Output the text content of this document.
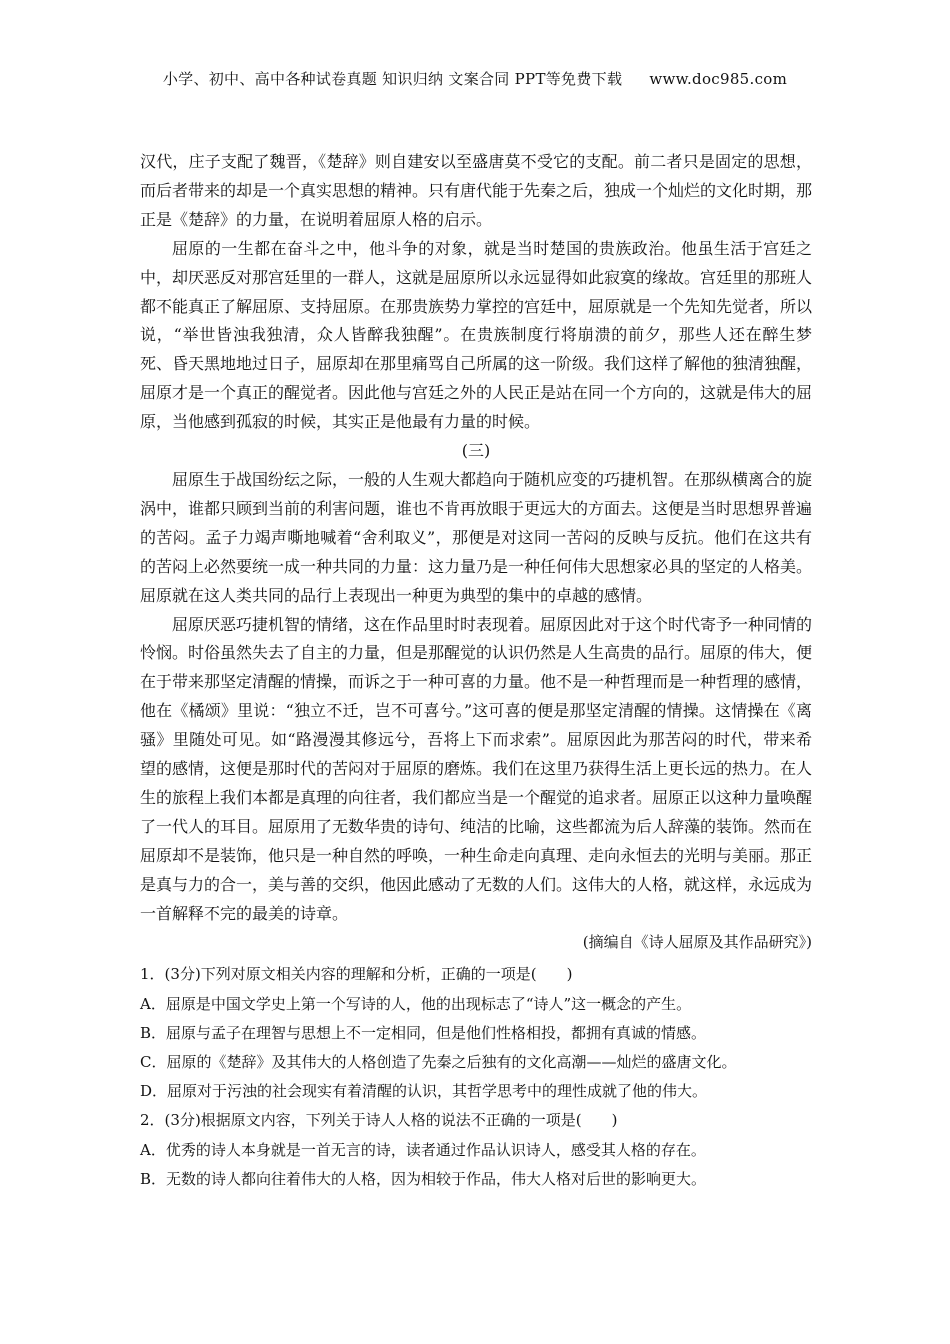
小学、初中、高中各种试卷真题 知识归纳 文案合同 PPT等免费下载 www.doc985.com

汉代，庄子支配了魏晋，《楚辞》则自建安以至盛唐莫不受它的支配。前二者只是固定的思想，而后者带来的却是一个真实思想的精神。只有唐代能于先秦之后，独成一个灿烂的文化时期，那正是《楚辞》的力量，在说明着屈原人格的启示。

屈原的一生都在奋斗之中，他斗争的对象，就是当时楚国的贵族政治。他虽生活于宫廷之中，却厌恶反对那宫廷里的一群人，这就是屈原所以永远显得如此寂寞的缘故。宫廷里的那班人都不能真正了解屈原、支持屈原。在那贵族势力掌控的宫廷中，屈原就是一个先知先觉者，所以说，“举世皆浊我独清，众人皆醉我独醒”。在贵族制度行将崩溃的前夕，那些人还在醉生梦死、昏天黑地地过日子，屈原却在那里痛骂自己所属的这一阶级。我们这样了解他的独清独醒，屈原才是一个真正的醒觉者。因此他与宫廷之外的人民正是站在同一个方向的，这就是伟大的屈原，当他感到孤寂的时候，其实正是他最有力量的时候。

(三)

屈原生于战国纷纭之际，一般的人生观大都趋向于随机应变的巧捷机智。在那纵横离合的旋涡中，谁都只顾到当前的利害问题，谁也不肯再放眼于更远大的方面去。这便是当时思想界普遍的苦闷。孟子力竭声嘶地喊着“舍利取义”，那便是对这同一苦闷的反映与反抗。他们在这共有的苦闷上必然要统一成一种共同的力量：这力量乃是一种任何伟大思想家必具的坚定的人格美。屈原就在这人类共同的品行上表现出一种更为典型的集中的卓越的感情。

屈原厌恶巧捷机智的情绪，这在作品里时时表现着。屈原因此对于这个时代寄予一种同情的怜悯。时俗虽然失去了自主的力量，但是那醒觉的认识仍然是人生高贵的品行。屈原的伟大，便在于带来那坚定清醒的情操，而诉之于一种可喜的力量。他不是一种哲理而是一种哲理的感情，他在《橘颂》里说：“独立不迁，岂不可喜兮。”这可喜的便是那坚定清醒的情操。这情操在《离骚》里随处可见。如“路漫漫其修远兮，吾将上下而求索”。屈原因此为那苦闷的时代，带来希望的感情，这便是那时代的苦闷对于屈原的磨炼。我们在这里乃获得生活上更长远的热力。在人生的旅程上我们本都是真理的向往者，我们都应当是一个醒觉的追求者。屈原正以这种力量唤醒了一代人的耳目。屈原用了无数华贵的诗句、纯洁的比喻，这些都流为后人辞藻的装饰。然而在屈原却不是装饰，他只是一种自然的呼唤，一种生命走向真理、走向永恒去的光明与美丽。那正是真与力的合一，美与善的交织，他因此感动了无数的人们。这伟大的人格，就这样，永远成为一首解释不完的最美的诗章。

(摘编自《诗人屈原及其作品研究》)

1．(3分)下列对原文相关内容的理解和分析，正确的一项是(　　)

A．屈原是中国文学史上第一个写诗的人，他的出现标志了“诗人”这一概念的产生。

B．屈原与孟子在理智与思想上不一定相同，但是他们性格相投，都拥有真诚的情感。

C．屈原的《楚辞》及其伟大的人格创造了先秦之后独有的文化高潮——灿烂的盛唐文化。

D．屈原对于污浊的社会现实有着清醒的认识，其哲学思考中的理性成就了他的伟大。

2．(3分)根据原文内容，下列关于诗人人格的说法不正确的一项是(　　)

A．优秀的诗人本身就是一首无言的诗，读者通过作品认识诗人，感受其人格的存在。

B．无数的诗人都向往着伟大的人格，因为相较于作品，伟大人格对后世的影响更大。
